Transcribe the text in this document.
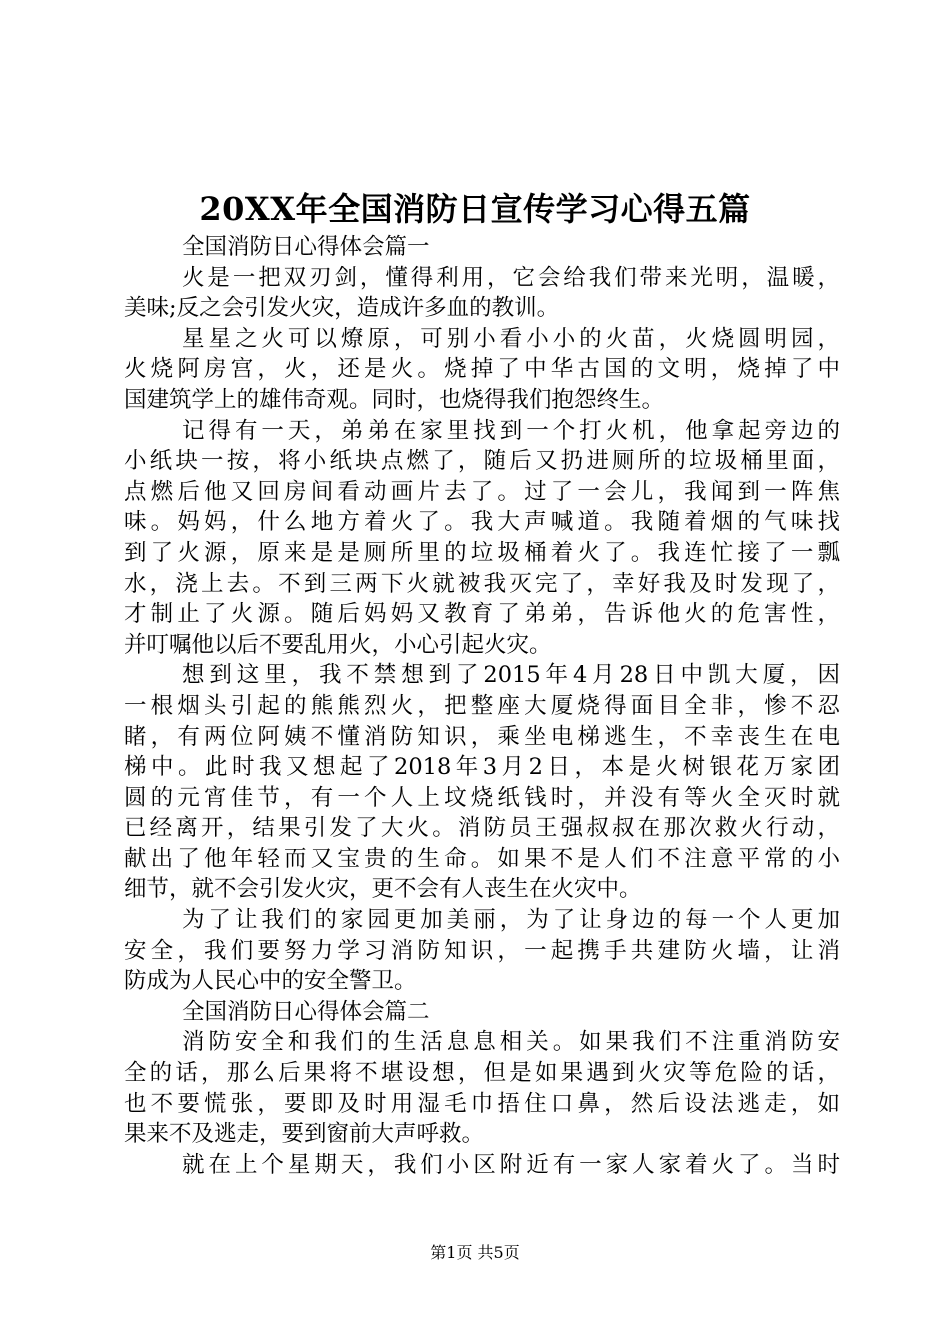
20XX年全国消防日宣传学习心得五篇
全国消防日心得体会篇一
火是一把双刃剑，懂得利用，它会给我们带来光明，温暖，
美味;反之会引发火灾，造成许多血的教训。
星星之火可以燎原，可别小看小小的火苗，火烧圆明园，
火烧阿房宫，火，还是火。烧掉了中华古国的文明，烧掉了中
国建筑学上的雄伟奇观。同时，也烧得我们抱怨终生。
记得有一天，弟弟在家里找到一个打火机，他拿起旁边的
小纸块一按，将小纸块点燃了，随后又扔进厕所的垃圾桶里面，
点燃后他又回房间看动画片去了。过了一会儿，我闻到一阵焦
味。妈妈，什么地方着火了。我大声喊道。我随着烟的气味找
到了火源，原来是是厕所里的垃圾桶着火了。我连忙接了一瓢
水，浇上去。不到三两下火就被我灭完了，幸好我及时发现了，
才制止了火源。随后妈妈又教育了弟弟，告诉他火的危害性，
并叮嘱他以后不要乱用火，小心引起火灾。
想到这里，我不禁想到了2015年4月28日中凯大厦，因
一根烟头引起的熊熊烈火，把整座大厦烧得面目全非，惨不忍
睹，有两位阿姨不懂消防知识，乘坐电梯逃生，不幸丧生在电
梯中。此时我又想起了2018年3月2日，本是火树银花万家团
圆的元宵佳节，有一个人上坟烧纸钱时，并没有等火全灭时就
已经离开，结果引发了大火。消防员王强叔叔在那次救火行动，
献出了他年轻而又宝贵的生命。如果不是人们不注意平常的小
细节，就不会引发火灾，更不会有人丧生在火灾中。
为了让我们的家园更加美丽，为了让身边的每一个人更加
安全，我们要努力学习消防知识，一起携手共建防火墙，让消
防成为人民心中的安全警卫。
全国消防日心得体会篇二
消防安全和我们的生活息息相关。如果我们不注重消防安
全的话，那么后果将不堪设想，但是如果遇到火灾等危险的话，
也不要慌张，要即及时用湿毛巾捂住口鼻，然后设法逃走，如
果来不及逃走，要到窗前大声呼救。
就在上个星期天，我们小区附近有一家人家着火了。当时
第1页 共5页
